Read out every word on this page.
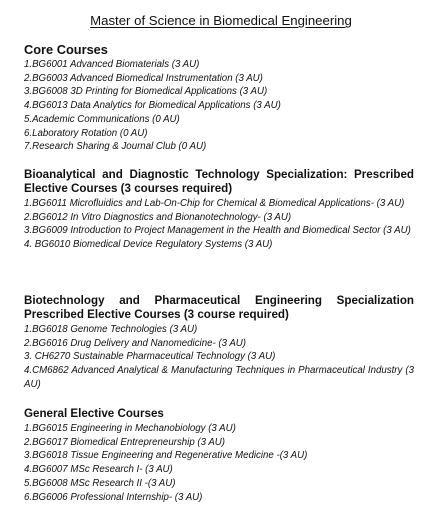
Master of Science in Biomedical Engineering
Core Courses
1.BG6001 Advanced Biomaterials (3 AU)
2.BG6003 Advanced Biomedical Instrumentation (3 AU)
3.BG6008 3D Printing for Biomedical Applications (3 AU)
4.BG6013 Data Analytics for Biomedical Applications (3 AU)
5.Academic Communications (0 AU)
6.Laboratory Rotation (0 AU)
7.Research Sharing & Journal Club (0 AU)
Bioanalytical and Diagnostic Technology Specialization: Prescribed Elective Courses (3 courses required)
1.BG6011 Microfluidics and Lab-On-Chip for Chemical & Biomedical Applications- (3 AU)
2.BG6012 In Vitro Diagnostics and Bionanotechnology- (3 AU)
3.BG6009 Introduction to Project Management in the Health and Biomedical Sector (3 AU)
4. BG6010 Biomedical Device Regulatory Systems (3 AU)
Biotechnology and Pharmaceutical Engineering Specialization Prescribed Elective Courses (3 course required)
1.BG6018 Genome Technologies (3 AU)
2.BG6016 Drug Delivery and Nanomedicine- (3 AU)
3. CH6270 Sustainable Pharmaceutical Technology (3 AU)
4.CM6862 Advanced Analytical & Manufacturing Techniques in Pharmaceutical Industry (3 AU)
General Elective Courses
1.BG6015 Engineering in Mechanobiology (3 AU)
2.BG6017 Biomedical Entrepreneurship (3 AU)
3.BG6018 Tissue Engineering and Regenerative Medicine -(3 AU)
4.BG6007 MSc Research I- (3 AU)
5.BG6008 MSc Research II -(3 AU)
6.BG6006 Professional Internship- (3 AU)
